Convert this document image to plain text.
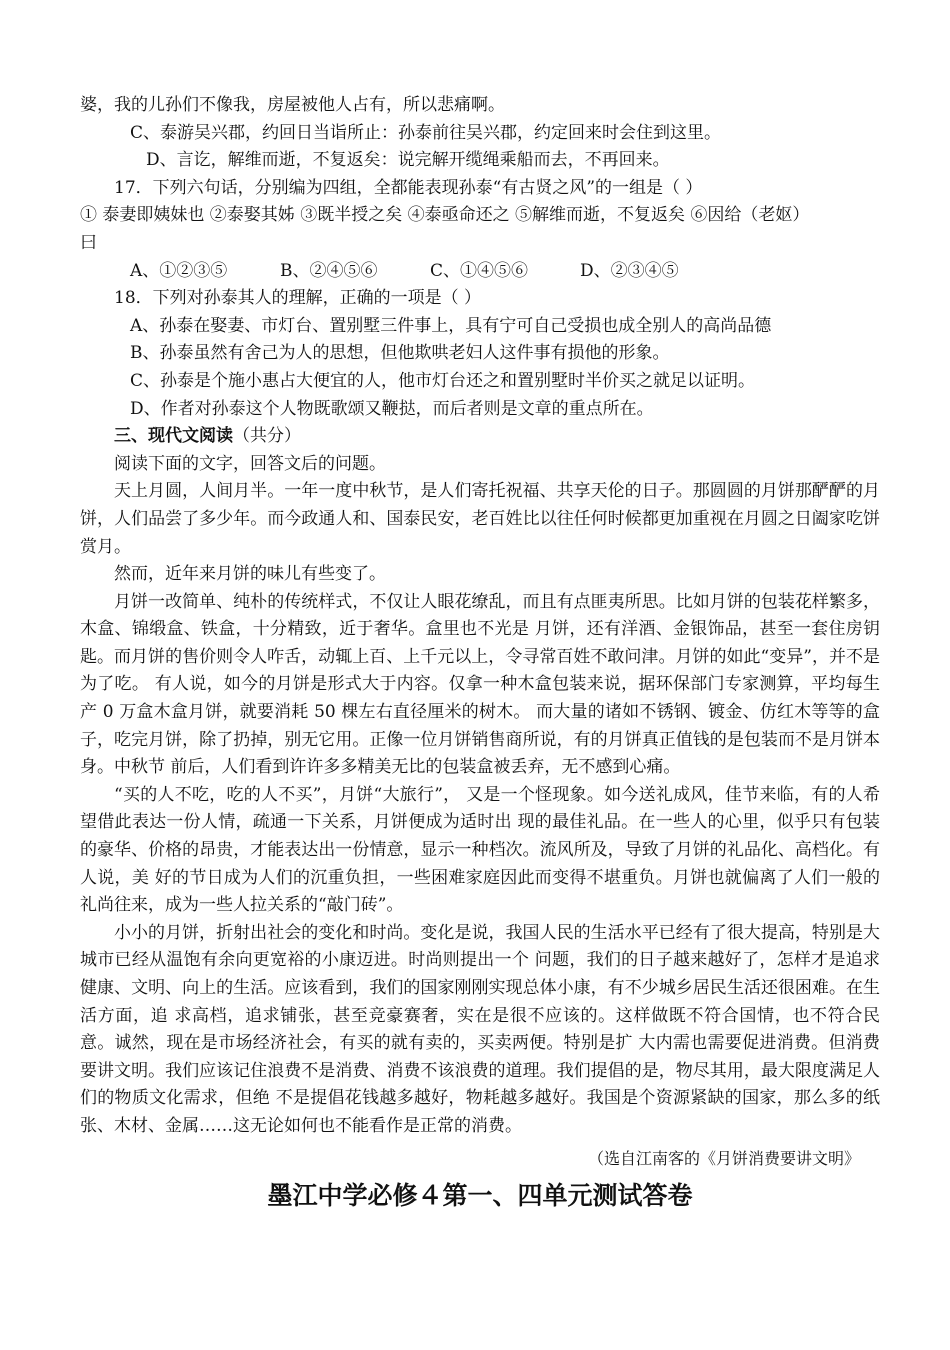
婆，我的儿孙们不像我，房屋被他人占有，所以悲痛啊。

C、泰游吴兴郡，约回日当诣所止：孙泰前往吴兴郡，约定回来时会住到这里。

D、言讫，解维而逝，不复返矣：说完解开缆绳乘船而去，不再回来。

17．下列六句话，分别编为四组，全都能表现孙泰“有古贤之风”的一组是（ ）

① 泰妻即姨妹也 ②泰娶其姊 ③既半授之矣 ④泰亟命还之 ⑤解维而逝，不复返矣 ⑥因给（老妪）

曰

A、①②③⑤	B、②④⑤⑥	C、①④⑤⑥	D、②③④⑤

18．下列对孙泰其人的理解，正确的一项是（ ）

A、孙泰在娶妻、市灯台、置别墅三件事上，具有宁可自己受损也成全别人的高尚品德

B、孙泰虽然有舍己为人的思想，但他欺哄老妇人这件事有损他的形象。

C、孙泰是个施小惠占大便宜的人，他市灯台还之和置别墅时半价买之就足以证明。

D、作者对孙泰这个人物既歌颂又鞭挞，而后者则是文章的重点所在。

三、现代文阅读（共分）

阅读下面的文字，回答文后的问题。

天上月圆，人间月半。一年一度中秋节，是人们寄托祝福、共享天伦的日子。那圆圆的月饼那酽酽的月饼，人们品尝了多少年。而今政通人和、国泰民安，老百姓比以往任何时候都更加重视在月圆之日阖家吃饼赏月。

然而，近年来月饼的味儿有些变了。

月饼一改简单、纯朴的传统样式，不仅让人眼花缭乱，而且有点匪夷所思。比如月饼的包装花样繁多，木盒、锦缎盒、铁盒，十分精致，近于奢华。盒里也不光是 月饼，还有洋酒、金银饰品，甚至一套住房钥匙。而月饼的售价则令人咋舌，动辄上百、上千元以上，令寻常百姓不敢问津。月饼的如此“变异”，并不是为了吃。 有人说，如今的月饼是形式大于内容。仅拿一种木盒包装来说，据环保部门专家测算，平均每生产 0 万盒木盒月饼，就要消耗 50 棵左右直径厘米的树木。 而大量的诸如不锈钢、镀金、仿红木等等的盒子，吃完月饼，除了扔掉，别无它用。正像一位月饼销售商所说，有的月饼真正值钱的是包装而不是月饼本身。中秋节 前后，人们看到许许多多精美无比的包装盒被丢弃，无不感到心痛。

“买的人不吃，吃的人不买”，月饼“大旅行”， 又是一个怪现象。如今送礼成风，佳节来临，有的人希望借此表达一份人情，疏通一下关系，月饼便成为适时出 现的最佳礼品。在一些人的心里，似乎只有包装的豪华、价格的昂贵，才能表达出一份情意，显示一种档次。流风所及，导致了月饼的礼品化、高档化。有人说，美 好的节日成为人们的沉重负担，一些困难家庭因此而变得不堪重负。月饼也就偏离了人们一般的礼尚往来，成为一些人拉关系的“敲门砖”。

小小的月饼，折射出社会的变化和时尚。变化是说，我国人民的生活水平已经有了很大提高，特别是大城市已经从温饱有余向更宽裕的小康迈进。时尚则提出一个 问题，我们的日子越来越好了，怎样才是追求健康、文明、向上的生活。应该看到，我们的国家刚刚实现总体小康，有不少城乡居民生活还很困难。在生活方面，追 求高档，追求铺张，甚至竞豪赛奢，实在是很不应该的。这样做既不符合国情，也不符合民意。诚然，现在是市场经济社会，有买的就有卖的，买卖两便。特别是扩 大内需也需要促进消费。但消费要讲文明。我们应该记住浪费不是消费、消费不该浪费的道理。我们提倡的是，物尽其用，最大限度满足人们的物质文化需求，但绝 不是提倡花钱越多越好，物耗越多越好。我国是个资源紧缺的国家，那么多的纸张、木材、金属……这无论如何也不能看作是正常的消费。

（选自江南客的《月饼消费要讲文明》

墨江中学必修４第一、四单元测试答卷
